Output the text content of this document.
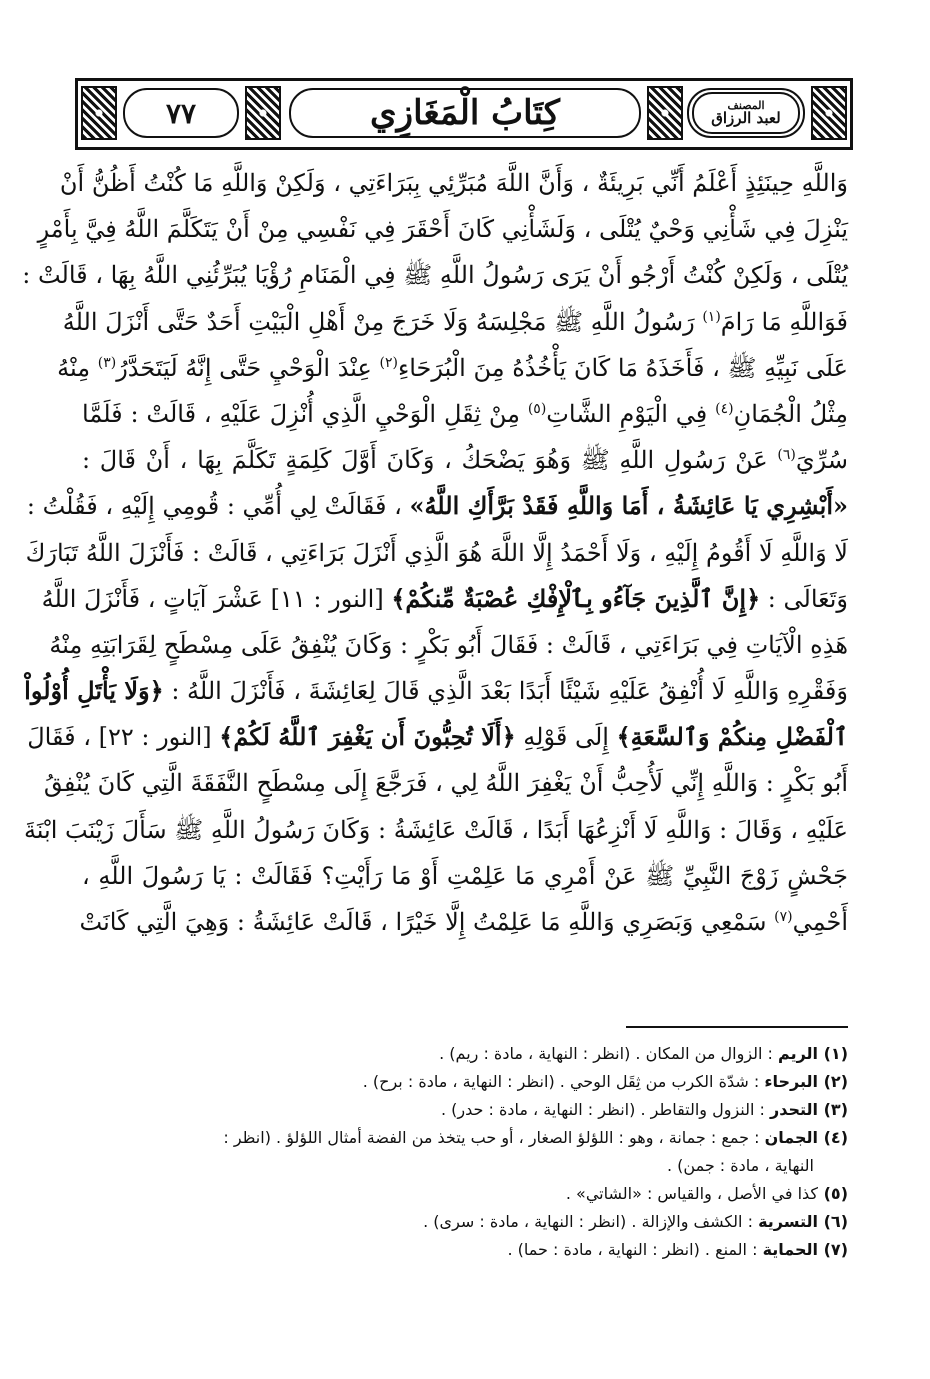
٧٧	كِتَابُ الْمَغَازِي	المصنف
لعبد الرزاق
وَاللَّهِ حِينَئِذٍ أَعْلَمُ أَنِّي بَرِيئَةٌ ، وَأَنَّ اللَّهَ مُبَرِّئِي بِبَرَاءَتِي ، وَلَكِنْ وَاللَّهِ مَا كُنْتُ أَظُنُّ أَنْ
يَنْزِلَ فِي شَأْنِي وَحْيٌ يُتْلَى ، وَلَشَأْنِي كَانَ أَحْقَرَ فِي نَفْسِي مِنْ أَنْ يَتَكَلَّمَ اللَّهُ فِيَّ بِأَمْرٍ
يُتْلَى ، وَلَكِنْ كُنْتُ أَرْجُو أَنْ يَرَى رَسُولُ اللَّهِ ﷺ فِي الْمَنَامِ رُؤْيَا يُبَرِّئُنِي اللَّهُ بِهَا ، قَالَتْ :
فَوَاللَّهِ مَا رَامَ$^{(١)}$ رَسُولُ اللَّهِ ﷺ مَجْلِسَهُ وَلَا خَرَجَ مِنْ أَهْلِ الْبَيْتِ أَحَدٌ حَتَّى أَنْزَلَ اللَّهُ
عَلَى نَبِيِّهِ ﷺ ، فَأَخَذَهُ مَا كَانَ يَأْخُذُهُ مِنَ الْبُرَحَاءِ$^{(٢)}$ عِنْدَ الْوَحْيِ حَتَّى إِنَّهُ لَيَتَحَدَّرُ$^{(٣)}$ مِنْهُ
مِثْلُ الْجُمَانِ$^{(٤)}$ فِي الْيَوْمِ الشَّاتِ$^{(٥)}$ مِنْ ثِقَلِ الْوَحْيِ الَّذِي أُنْزِلَ عَلَيْهِ ، قَالَتْ : فَلَمَّا
سُرِّيَ$^{(٦)}$ عَنْ رَسُولِ اللَّهِ ﷺ وَهُوَ يَضْحَكُ ، وَكَانَ أَوَّلَ كَلِمَةٍ تَكَلَّمَ بِهَا ، أَنْ قَالَ :
«أَبْشِرِي يَا عَائِشَةُ ، أَمَا وَاللَّهِ فَقَدْ بَرَّأَكِ اللَّهُ» ، فَقَالَتْ لِي أُمِّي : قُومِي إِلَيْهِ ، فَقُلْتُ :
لَا وَاللَّهِ لَا أَقُومُ إِلَيْهِ ، وَلَا أَحْمَدُ إِلَّا اللَّهَ هُوَ الَّذِي أَنْزَلَ بَرَاءَتِي ، قَالَتْ : فَأَنْزَلَ اللَّهُ تَبَارَكَ
وَتَعَالَى : ﴿إِنَّ ٱلَّذِينَ جَآءُو بِٱلْإِفْكِ عُصْبَةٌ مِّنكُمْ﴾ [النور : ١١] عَشْرَ آيَاتٍ ، فَأَنْزَلَ اللَّهُ
هَذِهِ الْآيَاتِ فِي بَرَاءَتِي ، قَالَتْ : فَقَالَ أَبُو بَكْرٍ : وَكَانَ يُنْفِقُ عَلَى مِسْطَحٍ لِقَرَابَتِهِ مِنْهُ
وَفَقْرِهِ وَاللَّهِ لَا أُنْفِقُ عَلَيْهِ شَيْئًا أَبَدًا بَعْدَ الَّذِي قَالَ لِعَائِشَةَ ، فَأَنْزَلَ اللَّهُ : ﴿وَلَا يَأْتَلِ أُوْلُواْ
ٱلْفَضْلِ مِنكُمْ وَٱلسَّعَةِ﴾ إِلَى قَوْلِهِ ﴿أَلَا تُحِبُّونَ أَن يَغْفِرَ ٱللَّهُ لَكُمْ﴾ [النور : ٢٢] ، فَقَالَ
أَبُو بَكْرٍ : وَاللَّهِ إِنِّي لَأُحِبُّ أَنْ يَغْفِرَ اللَّهُ لِي ، فَرَجَّعَ إِلَى مِسْطَحٍ النَّفَقَةَ الَّتِي كَانَ يُنْفِقُ
عَلَيْهِ ، وَقَالَ : وَاللَّهِ لَا أَنْزِعُهَا أَبَدًا ، قَالَتْ عَائِشَةُ : وَكَانَ رَسُولُ اللَّهِ ﷺ سَأَلَ زَيْنَبَ ابْنَةَ
جَحْشٍ زَوْجَ النَّبِيِّ ﷺ عَنْ أَمْرِي مَا عَلِمْتِ أَوْ مَا رَأَيْتِ؟ فَقَالَتْ : يَا رَسُولَ اللَّهِ ،
أَحْمِي$^{(٧)}$ سَمْعِي وَبَصَرِي وَاللَّهِ مَا عَلِمْتُ إِلَّا خَيْرًا ، قَالَتْ عَائِشَةُ : وَهِيَ الَّتِي كَانَتْ
(١) الريم : الزوال من المكان . (انظر : النهاية ، مادة : ريم) .
(٢) البرحاء : شدّة الكرب من ثِقَل الوحي . (انظر : النهاية ، مادة : برح) .
(٣) التحدر : النزول والتقاطر . (انظر : النهاية ، مادة : حدر) .
(٤) الجمان : جمع : جمانة ، وهو : اللؤلؤ الصغار ، أو حب يتخذ من الفضة أمثال اللؤلؤ . (انظر :
النهاية ، مادة : جمن) .
(٥) كذا في الأصل ، والقياس : «الشاتي» .
(٦) التسرية : الكشف والإزالة . (انظر : النهاية ، مادة : سرى) .
(٧) الحماية : المنع . (انظر : النهاية ، مادة : حما) .
